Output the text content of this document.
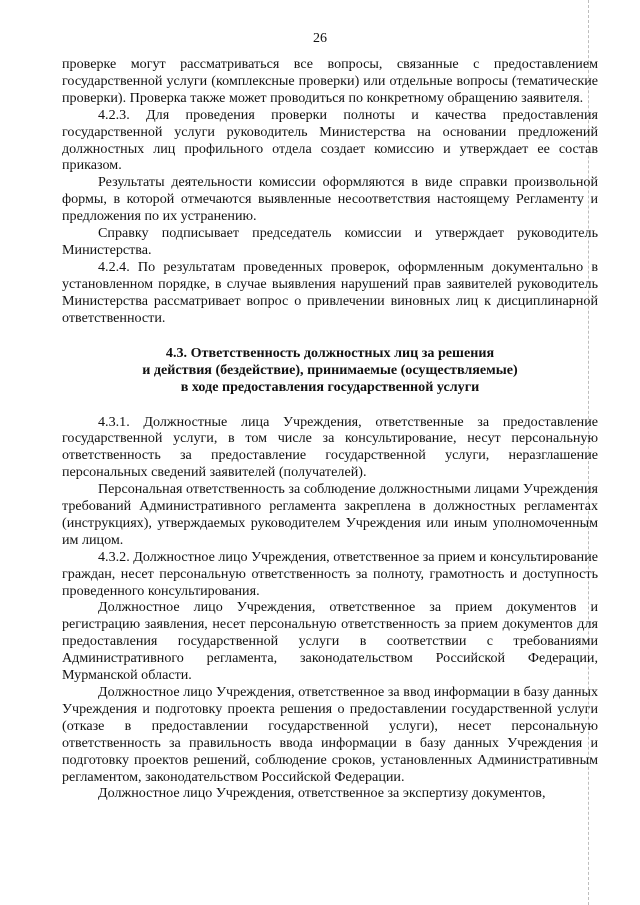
26

проверке могут рассматриваться все вопросы, связанные с предоставлением государственной услуги (комплексные проверки) или отдельные вопросы (тематические проверки). Проверка также может проводиться по конкретному обращению заявителя.

4.2.3. Для проведения проверки полноты и качества предоставления государственной услуги руководитель Министерства на основании предложений должностных лиц профильного отдела создает комиссию и утверждает ее состав приказом.

Результаты деятельности комиссии оформляются в виде справки произвольной формы, в которой отмечаются выявленные несоответствия настоящему Регламенту и предложения по их устранению.

Справку подписывает председатель комиссии и утверждает руководитель Министерства.

4.2.4. По результатам проведенных проверок, оформленным документально в установленном порядке, в случае выявления нарушений прав заявителей руководитель Министерства рассматривает вопрос о привлечении виновных лиц к дисциплинарной ответственности.

4.3. Ответственность должностных лиц за решения
и действия (бездействие), принимаемые (осуществляемые)
в ходе предоставления государственной услуги

4.3.1. Должностные лица Учреждения, ответственные за предоставление государственной услуги, в том числе за консультирование, несут персональную ответственность за предоставление государственной услуги, неразглашение персональных сведений заявителей (получателей).

Персональная ответственность за соблюдение должностными лицами Учреждения требований Административного регламента закреплена в должностных регламентах (инструкциях), утверждаемых руководителем Учреждения или иным уполномоченным им лицом.

4.3.2. Должностное лицо Учреждения, ответственное за прием и консультирование граждан, несет персональную ответственность за полноту, грамотность и доступность проведенного консультирования.

Должностное лицо Учреждения, ответственное за прием документов и регистрацию заявления, несет персональную ответственность за прием документов для предоставления государственной услуги в соответствии с требованиями Административного регламента, законодательством Российской Федерации, Мурманской области.

Должностное лицо Учреждения, ответственное за ввод информации в базу данных Учреждения и подготовку проекта решения о предоставлении государственной услуги (отказе в предоставлении государственной услуги), несет персональную ответственность за правильность ввода информации в базу данных Учреждения и подготовку проектов решений, соблюдение сроков, установленных Административным регламентом, законодательством Российской Федерации.

Должностное лицо Учреждения, ответственное за экспертизу документов,
